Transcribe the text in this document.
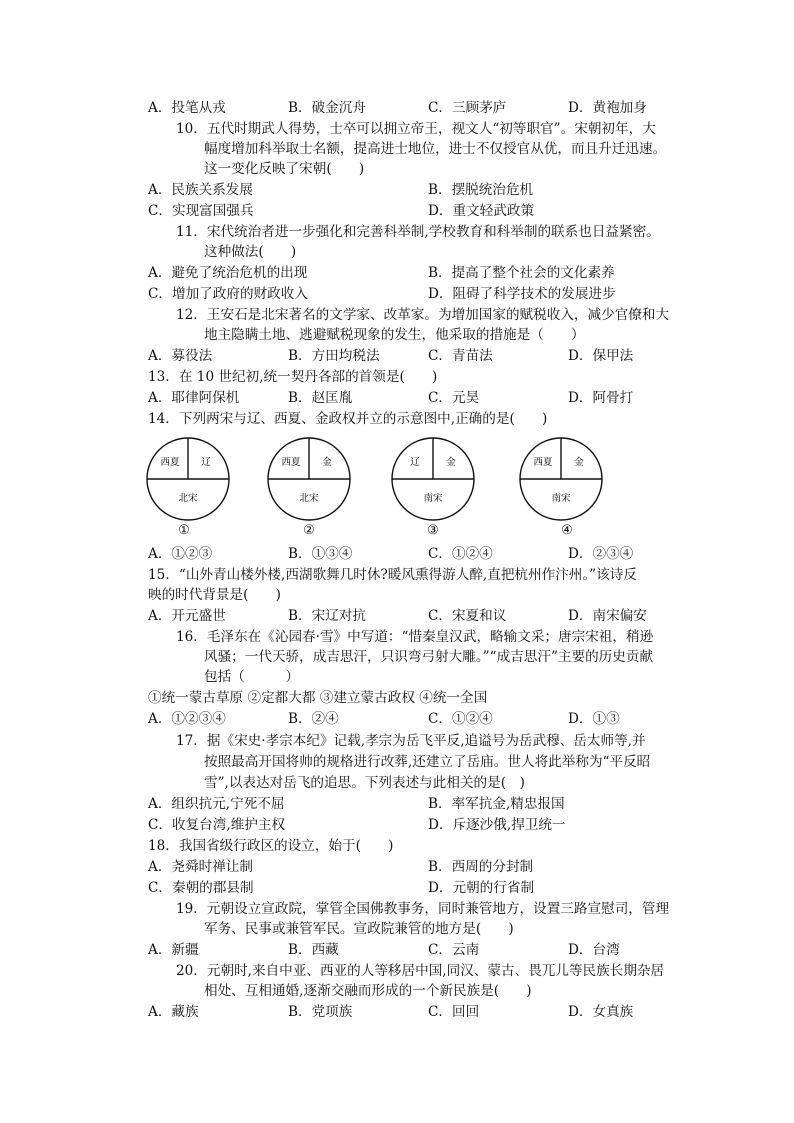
A．投笔从戎	B．破金沉舟	C．三顾茅庐	D．黄袍加身
10．五代时期武人得势，士卒可以拥立帝王，视文人“初等职官”。宋朝初年，大
幅度增加科举取士名额，提高进士地位，进士不仅授官从优，而且升迁迅速。
这一变化反映了宋朝(　　)
A．民族关系发展	B．摆脱统治危机
C．实现富国强兵	D．重文轻武政策
11．宋代统治者进一步强化和完善科举制,学校教育和科举制的联系也日益紧密。
这种做法(　　)
A．避免了统治危机的出现	B．提高了整个社会的文化素养
C．增加了政府的财政收入	D．阻碍了科学技术的发展进步
12．王安石是北宋著名的文学家、改革家。为增加国家的赋税收入，减少官僚和大
地主隐瞒土地、逃避赋税现象的发生，他采取的措施是（　　）
A．募役法	B．方田均税法	C．青苗法	D．保甲法
13．在 10 世纪初,统一契丹各部的首领是(　　)
A．耶律阿保机	B．赵匡胤	C．元昊	D．阿骨打
14．下列两宋与辽、西夏、金政权并立的示意图中,正确的是(　　)
西夏 辽
北宋
①
西夏 金
北宋
②
辽	金
南宋
③
西夏 金
南宋
④
A．①②③	B．①③④	C．①②④	D．②③④
15．“山外青山楼外楼,西湖歌舞几时休?暖风熏得游人醉,直把杭州作汴州。”该诗反
映的时代背景是(　　)
A．开元盛世	B．宋辽对抗	C．宋夏和议	D．南宋偏安
16．毛泽东在《沁园春·雪》中写道：“惜秦皇汉武，略输文采；唐宗宋祖，稍逊
风骚；一代天骄，成吉思汗，只识弯弓射大雕。”“成吉思汗”主要的历史贡献
包括（　　　）
①统一蒙古草原 ②定都大都 ③建立蒙古政权 ④统一全国
A．①②③④	B．②④	C．①②④	D．①③
17．据《宋史·孝宗本纪》记载,孝宗为岳飞平反,追谥号为岳武穆、岳太师等,并
按照最高开国将帅的规格进行改葬,还建立了岳庙。世人将此举称为“平反昭
雪”,以表达对岳飞的追思。下列表述与此相关的是(　)
A．组织抗元,宁死不屈	B．率军抗金,精忠报国
C．收复台湾,维护主权	D．斥逐沙俄,捍卫统一
18．我国省级行政区的设立，始于(　　)
A．尧舜时禅让制	B．西周的分封制
C．秦朝的郡县制	D．元朝的行省制
19．元朝设立宣政院，掌管全国佛教事务，同时兼管地方，设置三路宣慰司，管理
军务、民事或兼管军民。宣政院兼管的地方是(　　)
A．新疆	B．西藏	C．云南	D．台湾
20．元朝时,来自中亚、西亚的人等移居中国,同汉、蒙古、畏兀儿等民族长期杂居
相处、互相通婚,逐渐交融而形成的一个新民族是(　　)
A．藏族	B．党项族	C．回回	D．女真族
